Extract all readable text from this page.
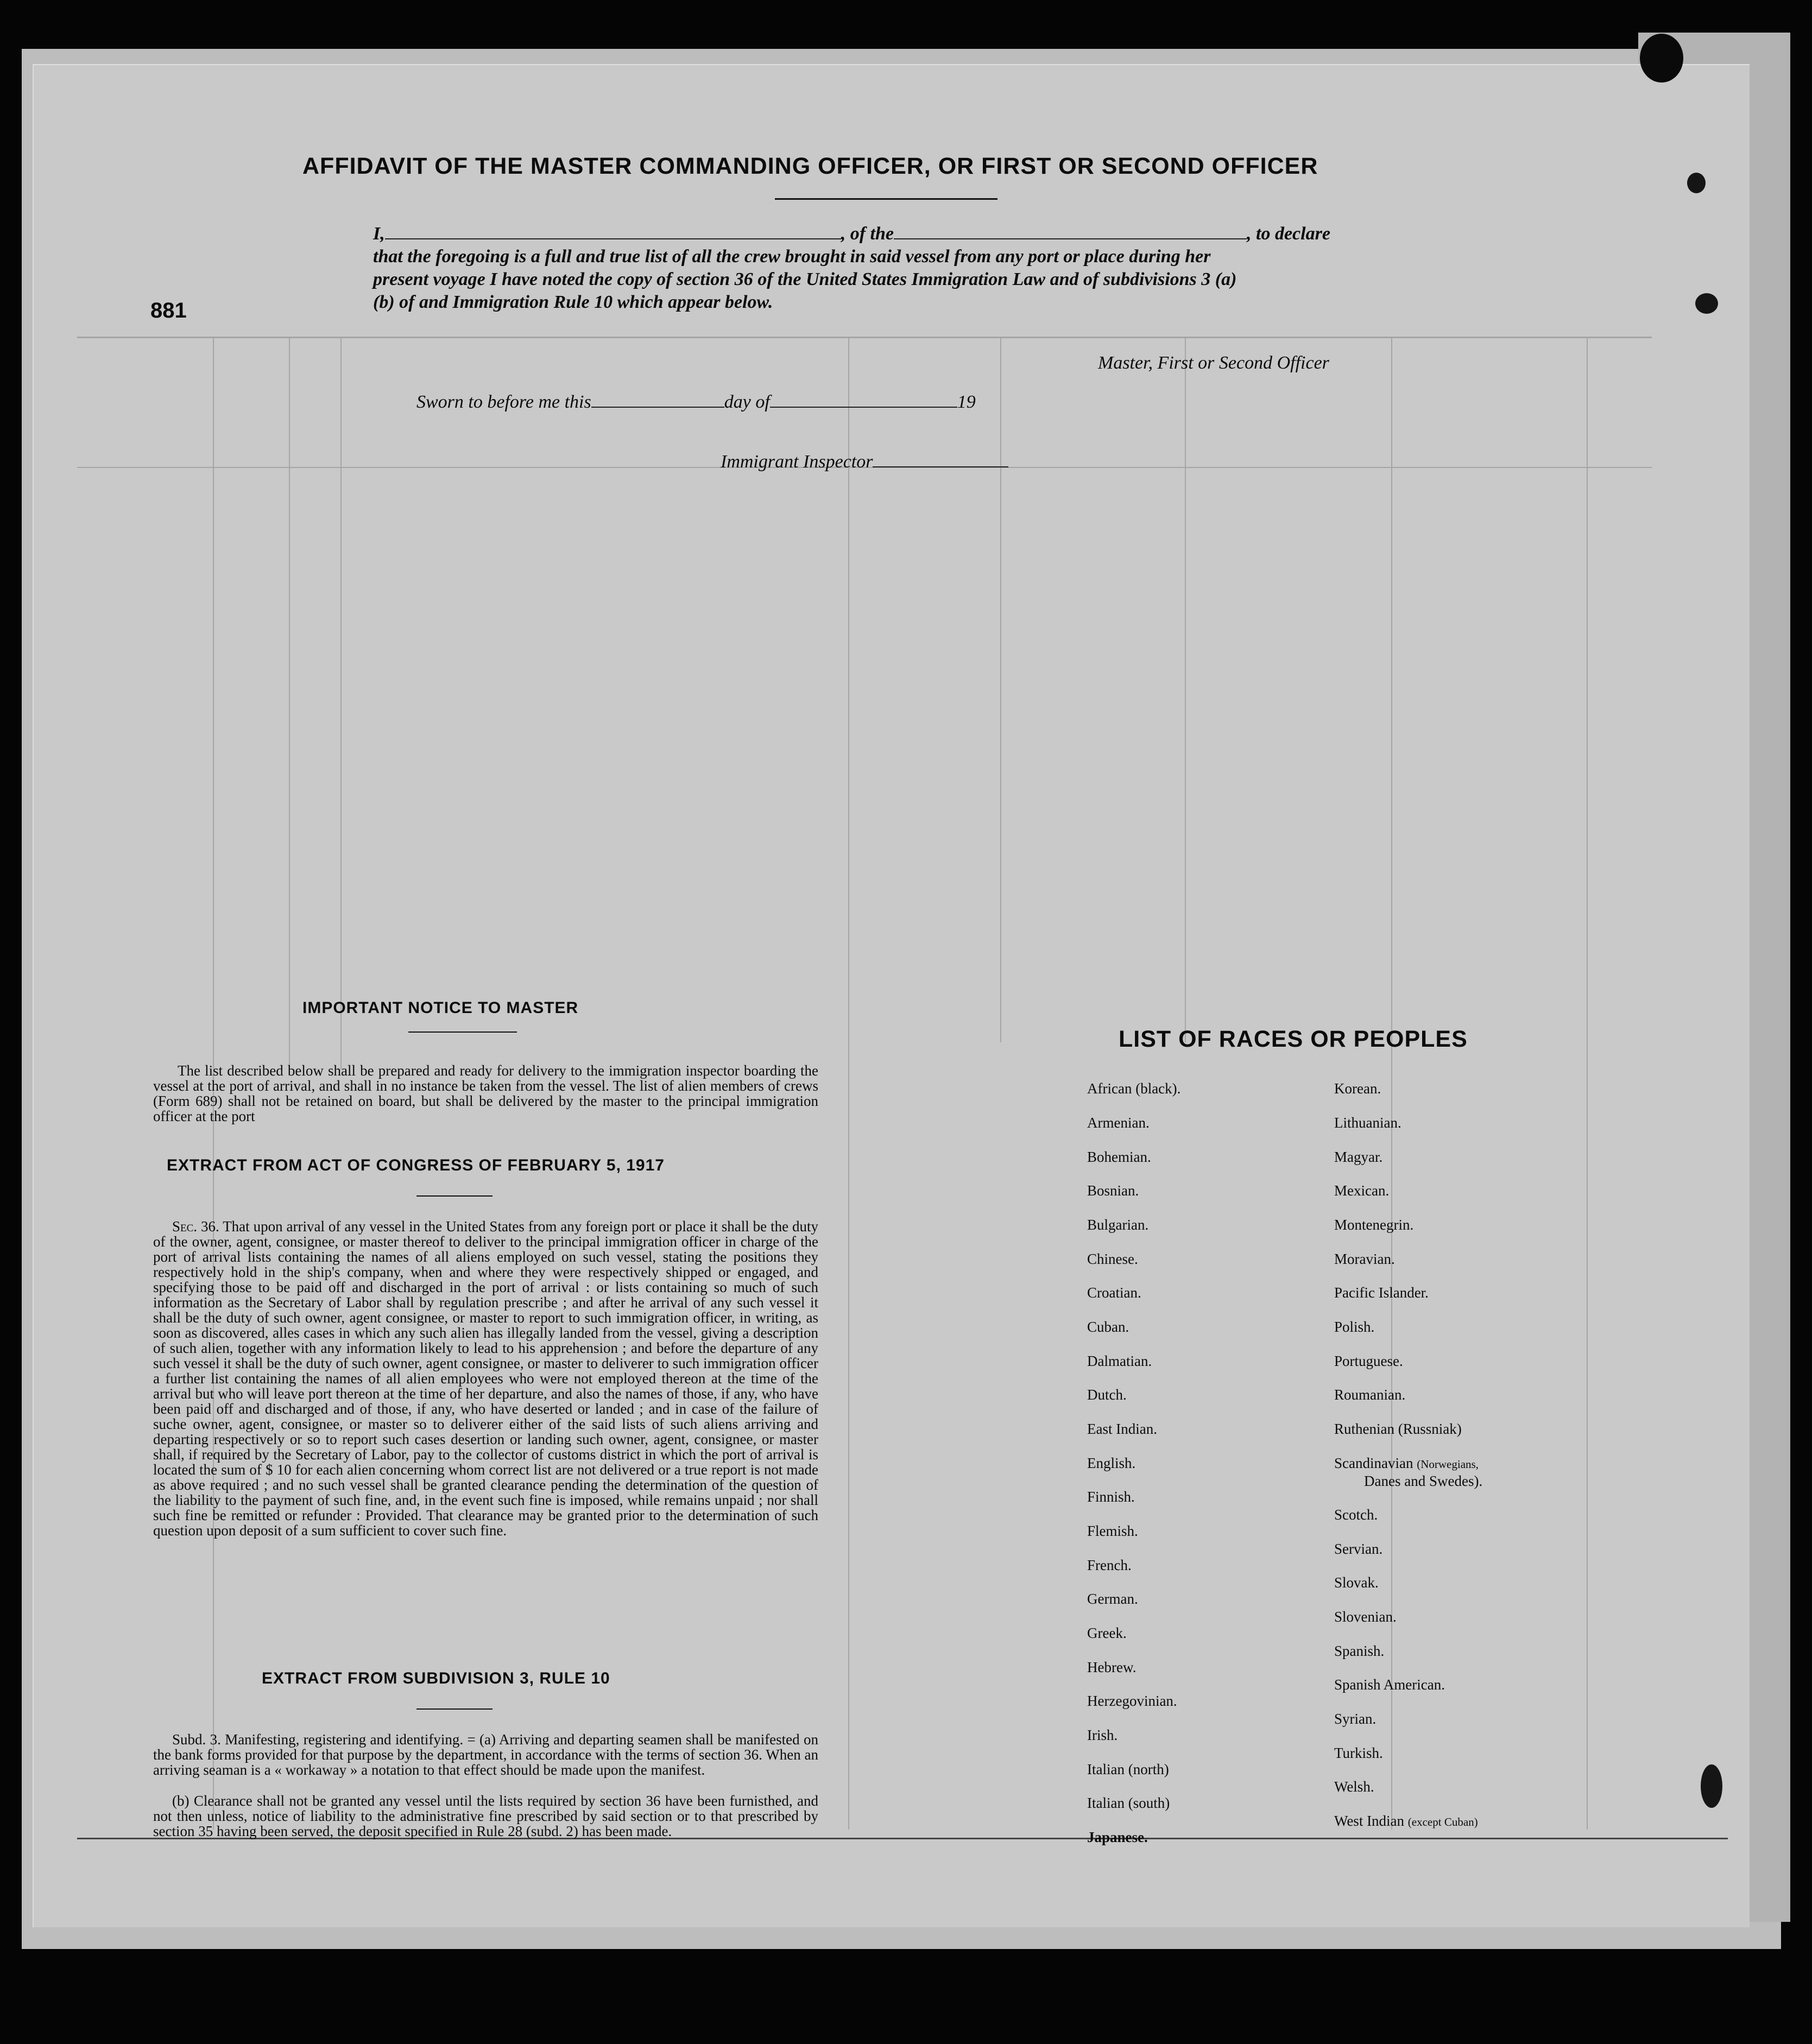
881
AFFIDAVIT OF THE MASTER COMMANDING OFFICER, OR FIRST OR SECOND OFFICER
I,	, of the	, to declare
that the foregoing is a full and true list of all the crew brought in said vessel from any port or place during her
present voyage I have noted the copy of section 36 of the United States Immigration Law and of subdivisions 3 (a)
(b) of and Immigration Rule 10 which appear below.
Master, First or Second Officer
Sworn to before me this	day of	19
Immigrant Inspector
IMPORTANT NOTICE TO MASTER
The list described below shall be prepared and ready for delivery to the immigration inspector boarding the vessel at the port of arrival, and shall in no instance be taken from the vessel. The list of alien members of crews (Form 689) shall not be retained on board, but shall be delivered by the master to the principal immigration officer at the port
EXTRACT FROM ACT OF CONGRESS OF FEBRUARY 5, 1917
Sec. 36. That upon arrival of any vessel in the United States from any foreign port or place it shall be the duty of the owner, agent, consignee, or master thereof to deliver to the principal immigration officer in charge of the port of arrival lists containing the names of all aliens employed on such vessel, stating the positions they respectively hold in the ship's company, when and where they were respectively shipped or engaged, and specifying those to be paid off and discharged in the port of arrival : or lists containing so much of such information as the Secretary of Labor shall by regulation prescribe ; and after he arrival of any such vessel it shall be the duty of such owner, agent consignee, or master to report to such immigration officer, in writing, as soon as discovered, alles cases in which any such alien has illegally landed from the vessel, giving a description of such alien, together with any information likely to lead to his apprehension ; and before the departure of any such vessel it shall be the duty of such owner, agent consignee, or master to deliverer to such immigration officer a further list containing the names of all alien employees who were not employed thereon at the time of the arrival but who will leave port thereon at the time of her departure, and also the names of those, if any, who have been paid off and discharged and of those, if any, who have deserted or landed ; and in case of the failure of suche owner, agent, consignee, or master so to deliverer either of the said lists of such aliens arriving and departing respectively or so to report such cases desertion or landing such owner, agent, consignee, or master shall, if required by the Secretary of Labor, pay to the collector of customs district in which the port of arrival is located the sum of $ 10 for each alien concerning whom correct list are not delivered or a true report is not made as above required ; and no such vessel shall be granted clearance pending the determination of the question of the liability to the payment of such fine, and, in the event such fine is imposed, while remains unpaid ; nor shall such fine be remitted or refunder : Provided. That clearance may be granted prior to the determination of such question upon deposit of a sum sufficient to cover such fine.
EXTRACT FROM SUBDIVISION 3, RULE 10
Subd. 3. Manifesting, registering and identifying. = (a) Arriving and departing seamen shall be manifested on the bank forms provided for that purpose by the department, in accordance with the terms of section 36. When an arriving seaman is a « workaway » a notation to that effect should be made upon the manifest.
(b) Clearance shall not be granted any vessel until the lists required by section 36 have been furnisthed, and not then unless, notice of liability to the administrative fine prescribed by said section or to that prescribed by section 35 having been served, the deposit specified in Rule 28 (subd. 2) has been made.
LIST OF RACES OR PEOPLES
African (black).
Armenian.
Bohemian.
Bosnian.
Bulgarian.
Chinese.
Croatian.
Cuban.
Dalmatian.
Dutch.
East Indian.
English.
Finnish.
Flemish.
French.
German.
Greek.
Hebrew.
Herzegovinian.
Irish.
Italian (north)
Italian (south)
Japanese.
Korean.
Lithuanian.
Magyar.
Mexican.
Montenegrin.
Moravian.
Pacific Islander.
Polish.
Portuguese.
Roumanian.
Ruthenian (Russniak)
Scandinavian (Norwegians,
Danes and Swedes).
Scotch.
Servian.
Slovak.
Slovenian.
Spanish.
Spanish American.
Syrian.
Turkish.
Welsh.
West Indian (except Cuban)
